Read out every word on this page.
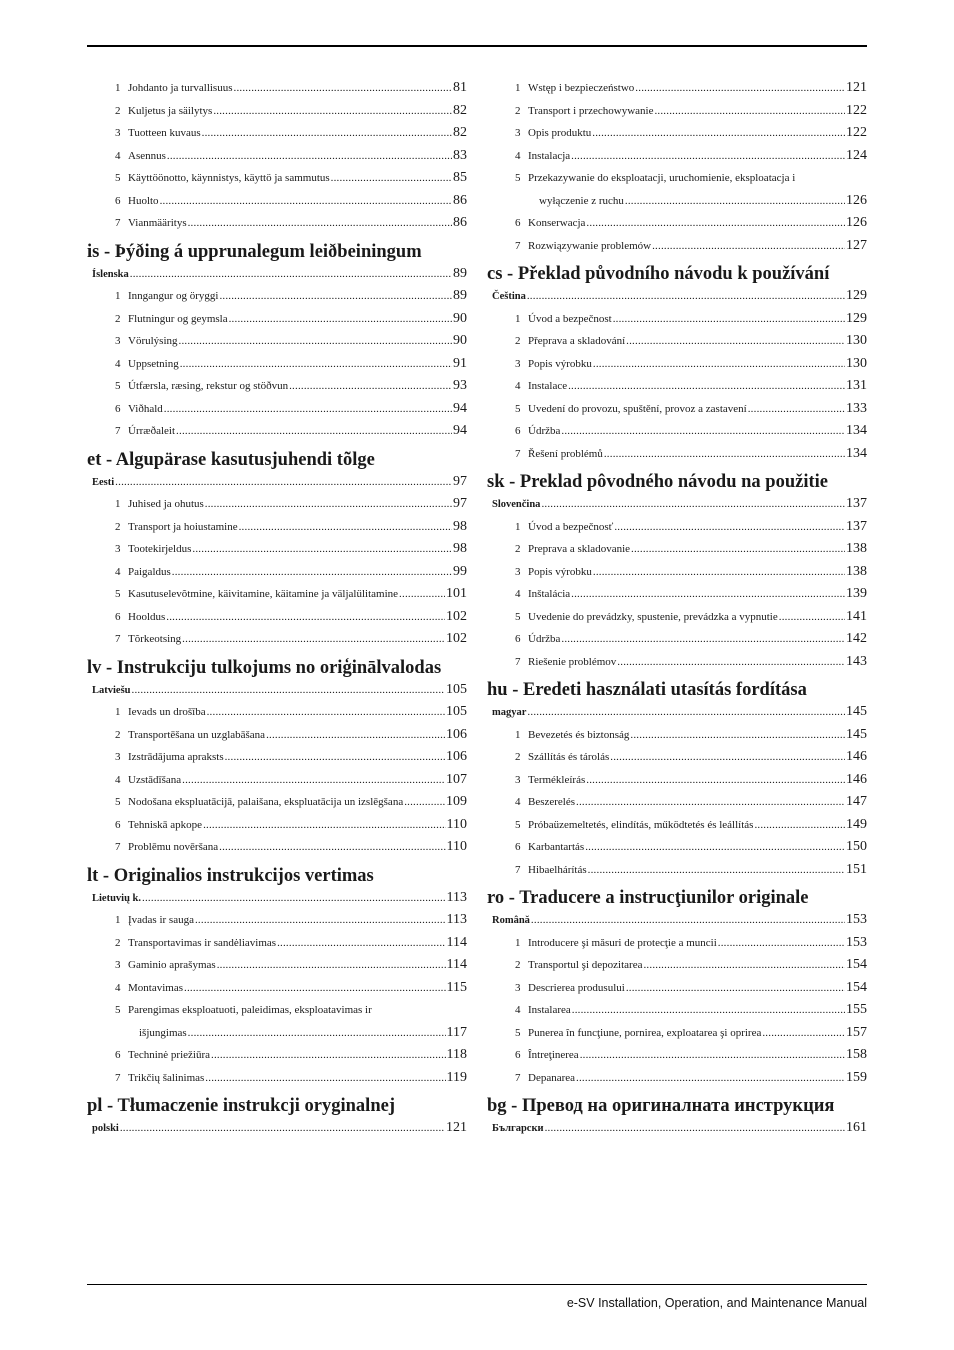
1 Johdanto ja turvallisuus .....	81
2 Kuljetus ja säilytys .....	82
3 Tuotteen kuvaus .....	82
4 Asennus .....	83
5 Käyttöönotto, käynnistys, käyttö ja sammutus .....	85
6 Huolto .....	86
7 Vianmääritys .....	86
is - Þýðing á upprunalegum leiðbeiningum
Íslenska .....	89
1 Inngangur og öryggi .....	89
2 Flutningur og geymsla .....	90
3 Vörulýsing .....	90
4 Uppsetning .....	91
5 Útfærsla, ræsing, rekstur og stöðvun .....	93
6 Viðhald .....	94
7 Úrræðaleit .....	94
et - Algupärase kasutusjuhendi tõlge
Eesti .....	97
1 Juhised ja ohutus .....	97
2 Transport ja hoiustamine .....	98
3 Tootekirjeldus .....	98
4 Paigaldus .....	99
5 Kasutuselevõtmine, käivitamine, käitamine ja väljalülitamine .....	101
6 Hooldus .....	102
7 Tõrkeotsing .....	102
lv - Instrukciju tulkojums no oriģinālvalodas
Latviešu .....	105
1 Ievads un drošība .....	105
2 Transportēšana un uzglabāšana .....	106
3 Izstrādājuma apraksts .....	106
4 Uzstādīšana .....	107
5 Nodošana ekspluatācijā, palaišana, ekspluatācija un izslēgšana .....	109
6 Tehniskā apkope .....	110
7 Problēmu novēršana .....	110
lt - Originalios instrukcijos vertimas
Lietuvių k. .....	113
1 Įvadas ir sauga .....	113
2 Transportavimas ir sandėliavimas .....	114
3 Gaminio aprašymas .....	114
4 Montavimas .....	115
5 Parengimas eksploatuoti, paleidimas, eksploatavimas ir
išjungimas .....	117
6 Techninė priežiūra .....	118
7 Trikčių šalinimas .....	119
pl - Tłumaczenie instrukcji oryginalnej
polski .....	121
1 Wstęp i bezpieczeństwo .....	121
2 Transport i przechowywanie .....	122
3 Opis produktu .....	122
4 Instalacja .....	124
5 Przekazywanie do eksploatacji, uruchomienie, eksploatacja i
wyłączenie z ruchu .....	126
6 Konserwacja .....	126
7 Rozwiązywanie problemów .....	127
cs - Překlad původního návodu k používání
Čeština .....	129
1 Úvod a bezpečnost .....	129
2 Přeprava a skladování .....	130
3 Popis výrobku .....	130
4 Instalace .....	131
5 Uvedení do provozu, spuštění, provoz a zastavení .....	133
6 Údržba .....	134
7 Řešení problémů .....	134
sk - Preklad pôvodného návodu na použitie
Slovenčina .....	137
1 Úvod a bezpečnosť .....	137
2 Preprava a skladovanie .....	138
3 Popis výrobku .....	138
4 Inštalácia .....	139
5 Uvedenie do prevádzky, spustenie, prevádzka a vypnutie .....	141
6 Údržba .....	142
7 Riešenie problémov .....	143
hu - Eredeti használati utasítás fordítása
magyar .....	145
1 Bevezetés és biztonság .....	145
2 Szállítás és tárolás .....	146
3 Termékleírás .....	146
4 Beszerelés .....	147
5 Próbaüzemeltetés, elindítás, működtetés és leállítás .....	149
6 Karbantartás .....	150
7 Hibaelhárítás .....	151
ro - Traducere a instrucţiunilor originale
Română .....	153
1 Introducere şi măsuri de protecţie a muncii .....	153
2 Transportul şi depozitarea .....	154
3 Descrierea produsului .....	154
4 Instalarea .....	155
5 Punerea în funcţiune, pornirea, exploatarea şi oprirea .....	157
6 Întreţinerea .....	158
7 Depanarea .....	159
bg - Превод на оригиналната инструкция
Български .....	161
e-SV Installation, Operation, and Maintenance Manual
